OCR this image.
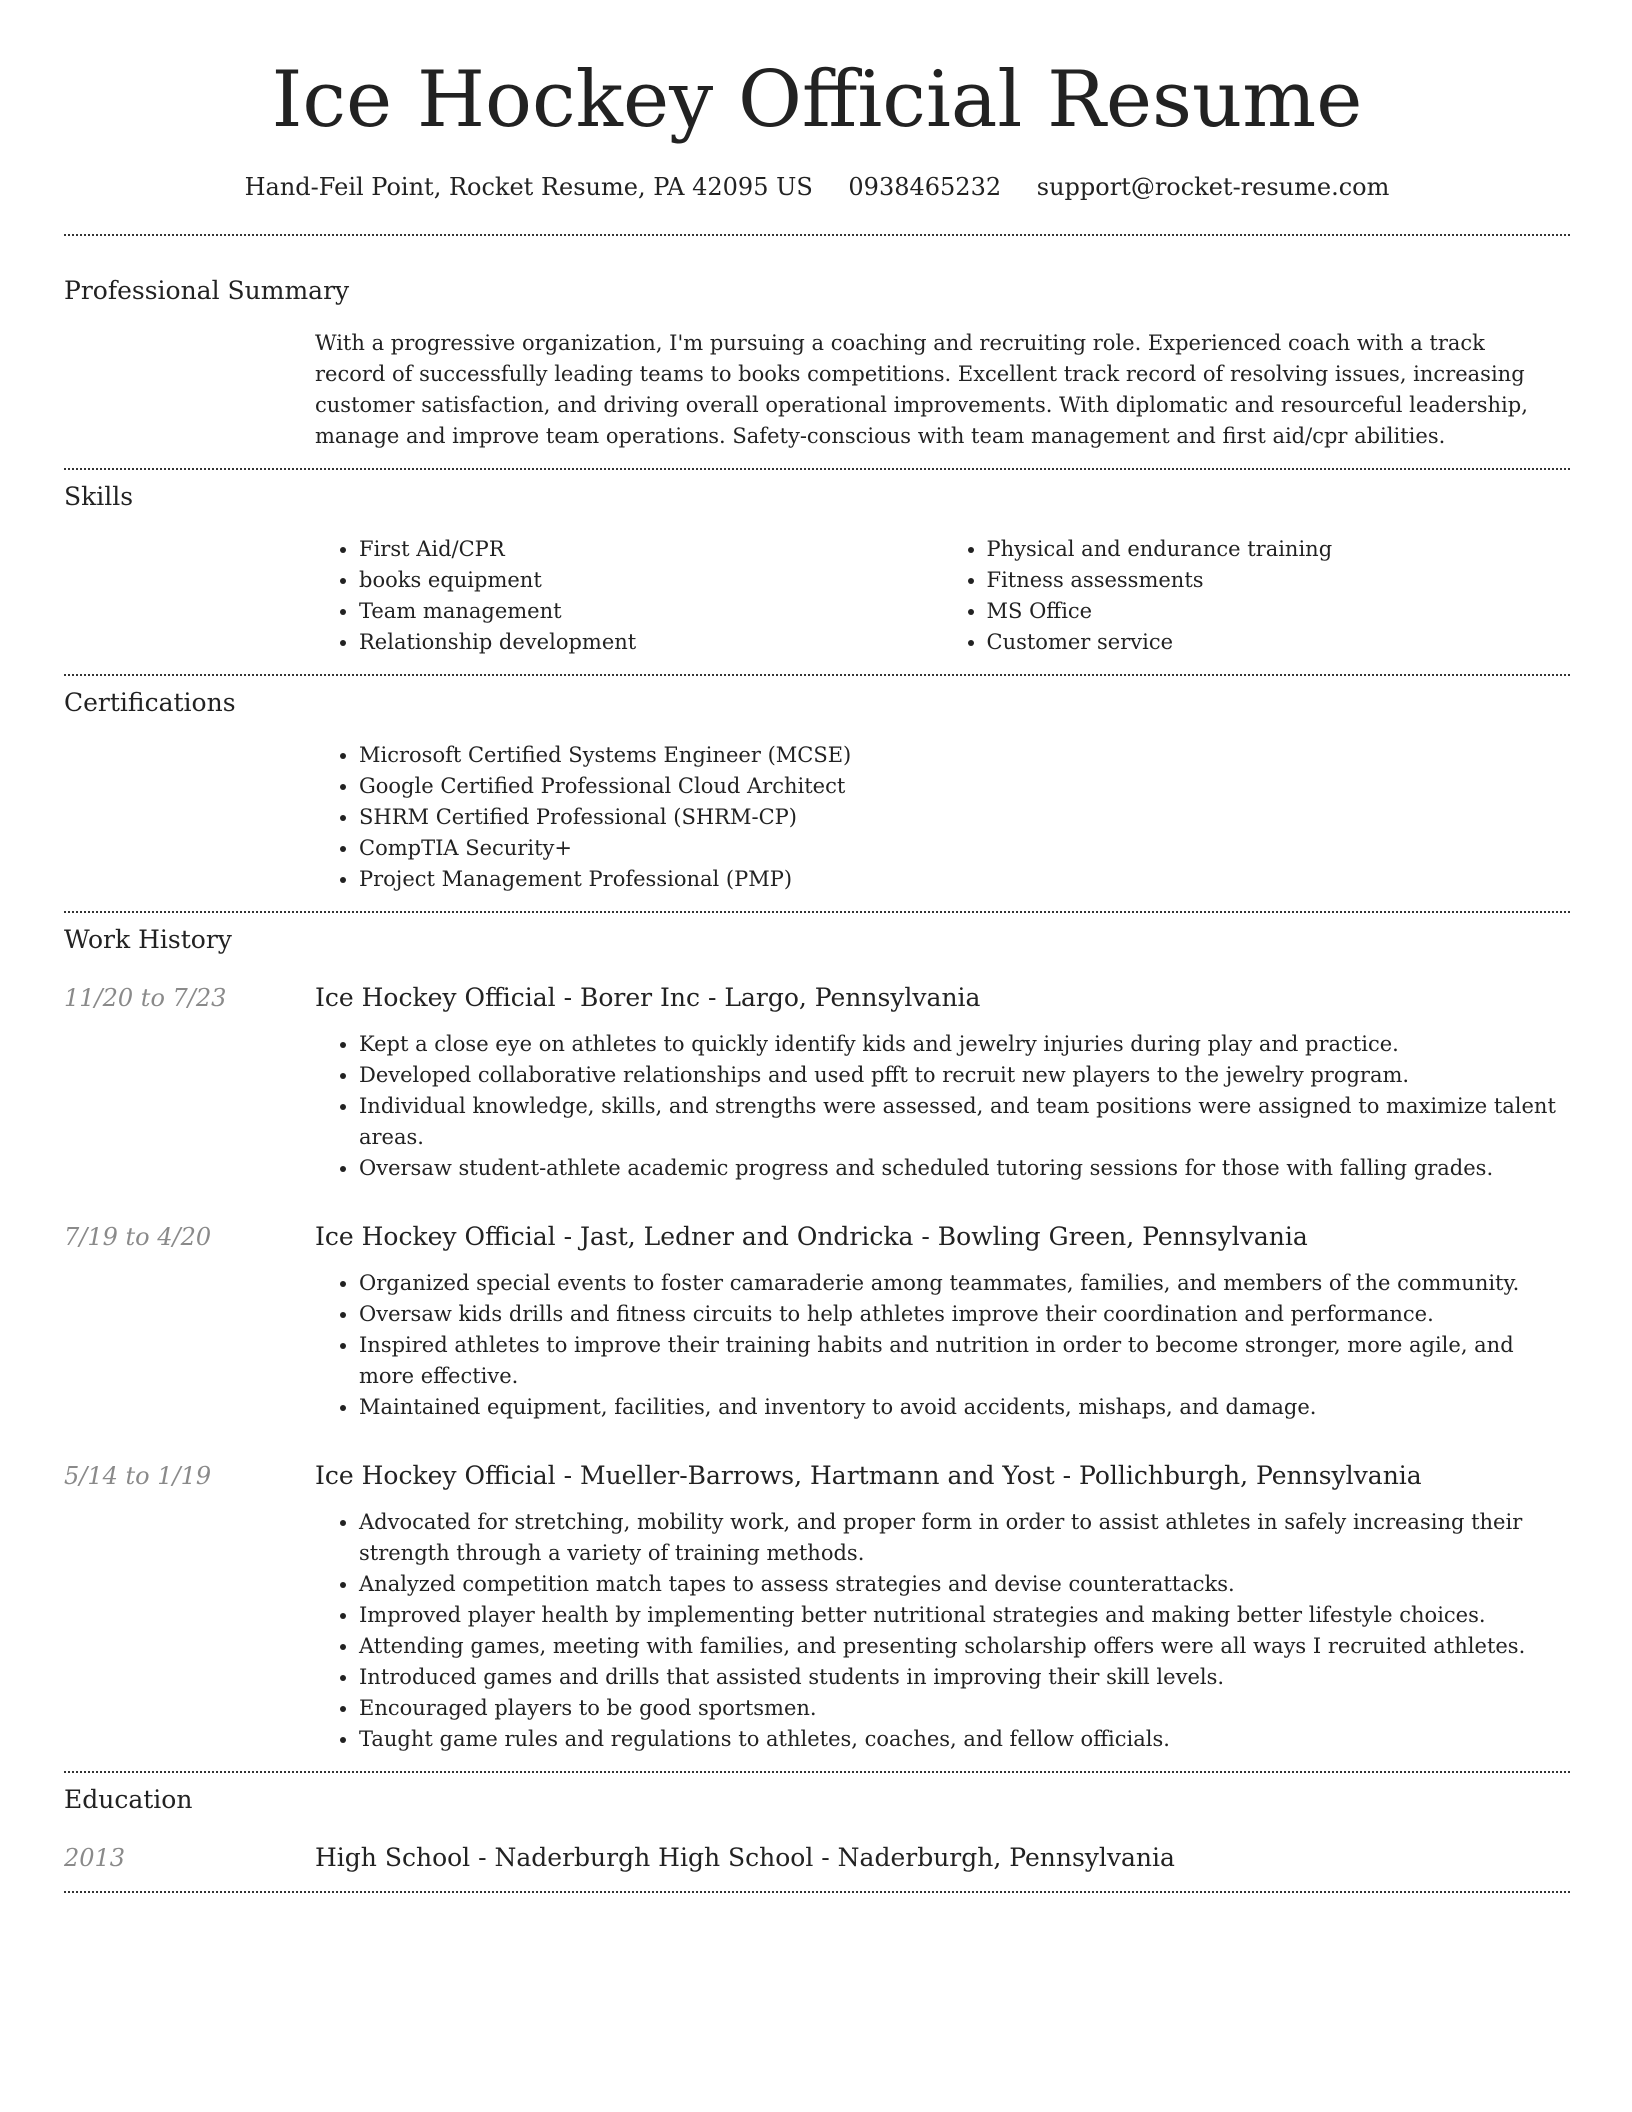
Ice Hockey Official Resume
Hand-Feil Point, Rocket Resume, PA 42095 US 0938465232 support@rocket-resume.com
Professional Summary

With a progressive organization, I'm pursuing a coaching and recruiting role. Experienced coach with a track record of successfully leading teams to books competitions. Excellent track record of resolving issues, increasing customer satisfaction, and driving overall operational improvements. With diplomatic and resourceful leadership, manage and improve team operations. Safety-conscious with team management and first aid/cpr abilities.

Skills
• First Aid/CPR
• books equipment
• Team management
• Relationship development
• Physical and endurance training
• Fitness assessments
• MS Office
• Customer service
Certifications
• Microsoft Certified Systems Engineer (MCSE)
• Google Certified Professional Cloud Architect
• SHRM Certified Professional (SHRM-CP)
• CompTIA Security+
• Project Management Professional (PMP)
Work History
11/20 to 7/23	Ice Hockey Official - Borer Inc - Largo, Pennsylvania
• Kept a close eye on athletes to quickly identify kids and jewelry injuries during play and practice.
• Developed collaborative relationships and used pfft to recruit new players to the jewelry program.
• Individual knowledge, skills, and strengths were assessed, and team positions were assigned to maximize talent areas.
• Oversaw student-athlete academic progress and scheduled tutoring sessions for those with falling grades.
7/19 to 4/20	Ice Hockey Official - Jast, Ledner and Ondricka - Bowling Green, Pennsylvania
• Organized special events to foster camaraderie among teammates, families, and members of the community.
• Oversaw kids drills and fitness circuits to help athletes improve their coordination and performance.
• Inspired athletes to improve their training habits and nutrition in order to become stronger, more agile, and more effective.
• Maintained equipment, facilities, and inventory to avoid accidents, mishaps, and damage.
5/14 to 1/19	Ice Hockey Official - Mueller-Barrows, Hartmann and Yost - Pollichburgh, Pennsylvania
• Advocated for stretching, mobility work, and proper form in order to assist athletes in safely increasing their strength through a variety of training methods.
• Analyzed competition match tapes to assess strategies and devise counterattacks.
• Improved player health by implementing better nutritional strategies and making better lifestyle choices.
• Attending games, meeting with families, and presenting scholarship offers were all ways I recruited athletes.
• Introduced games and drills that assisted students in improving their skill levels.
• Encouraged players to be good sportsmen.
• Taught game rules and regulations to athletes, coaches, and fellow officials.
Education
2013	High School - Naderburgh High School - Naderburgh, Pennsylvania
